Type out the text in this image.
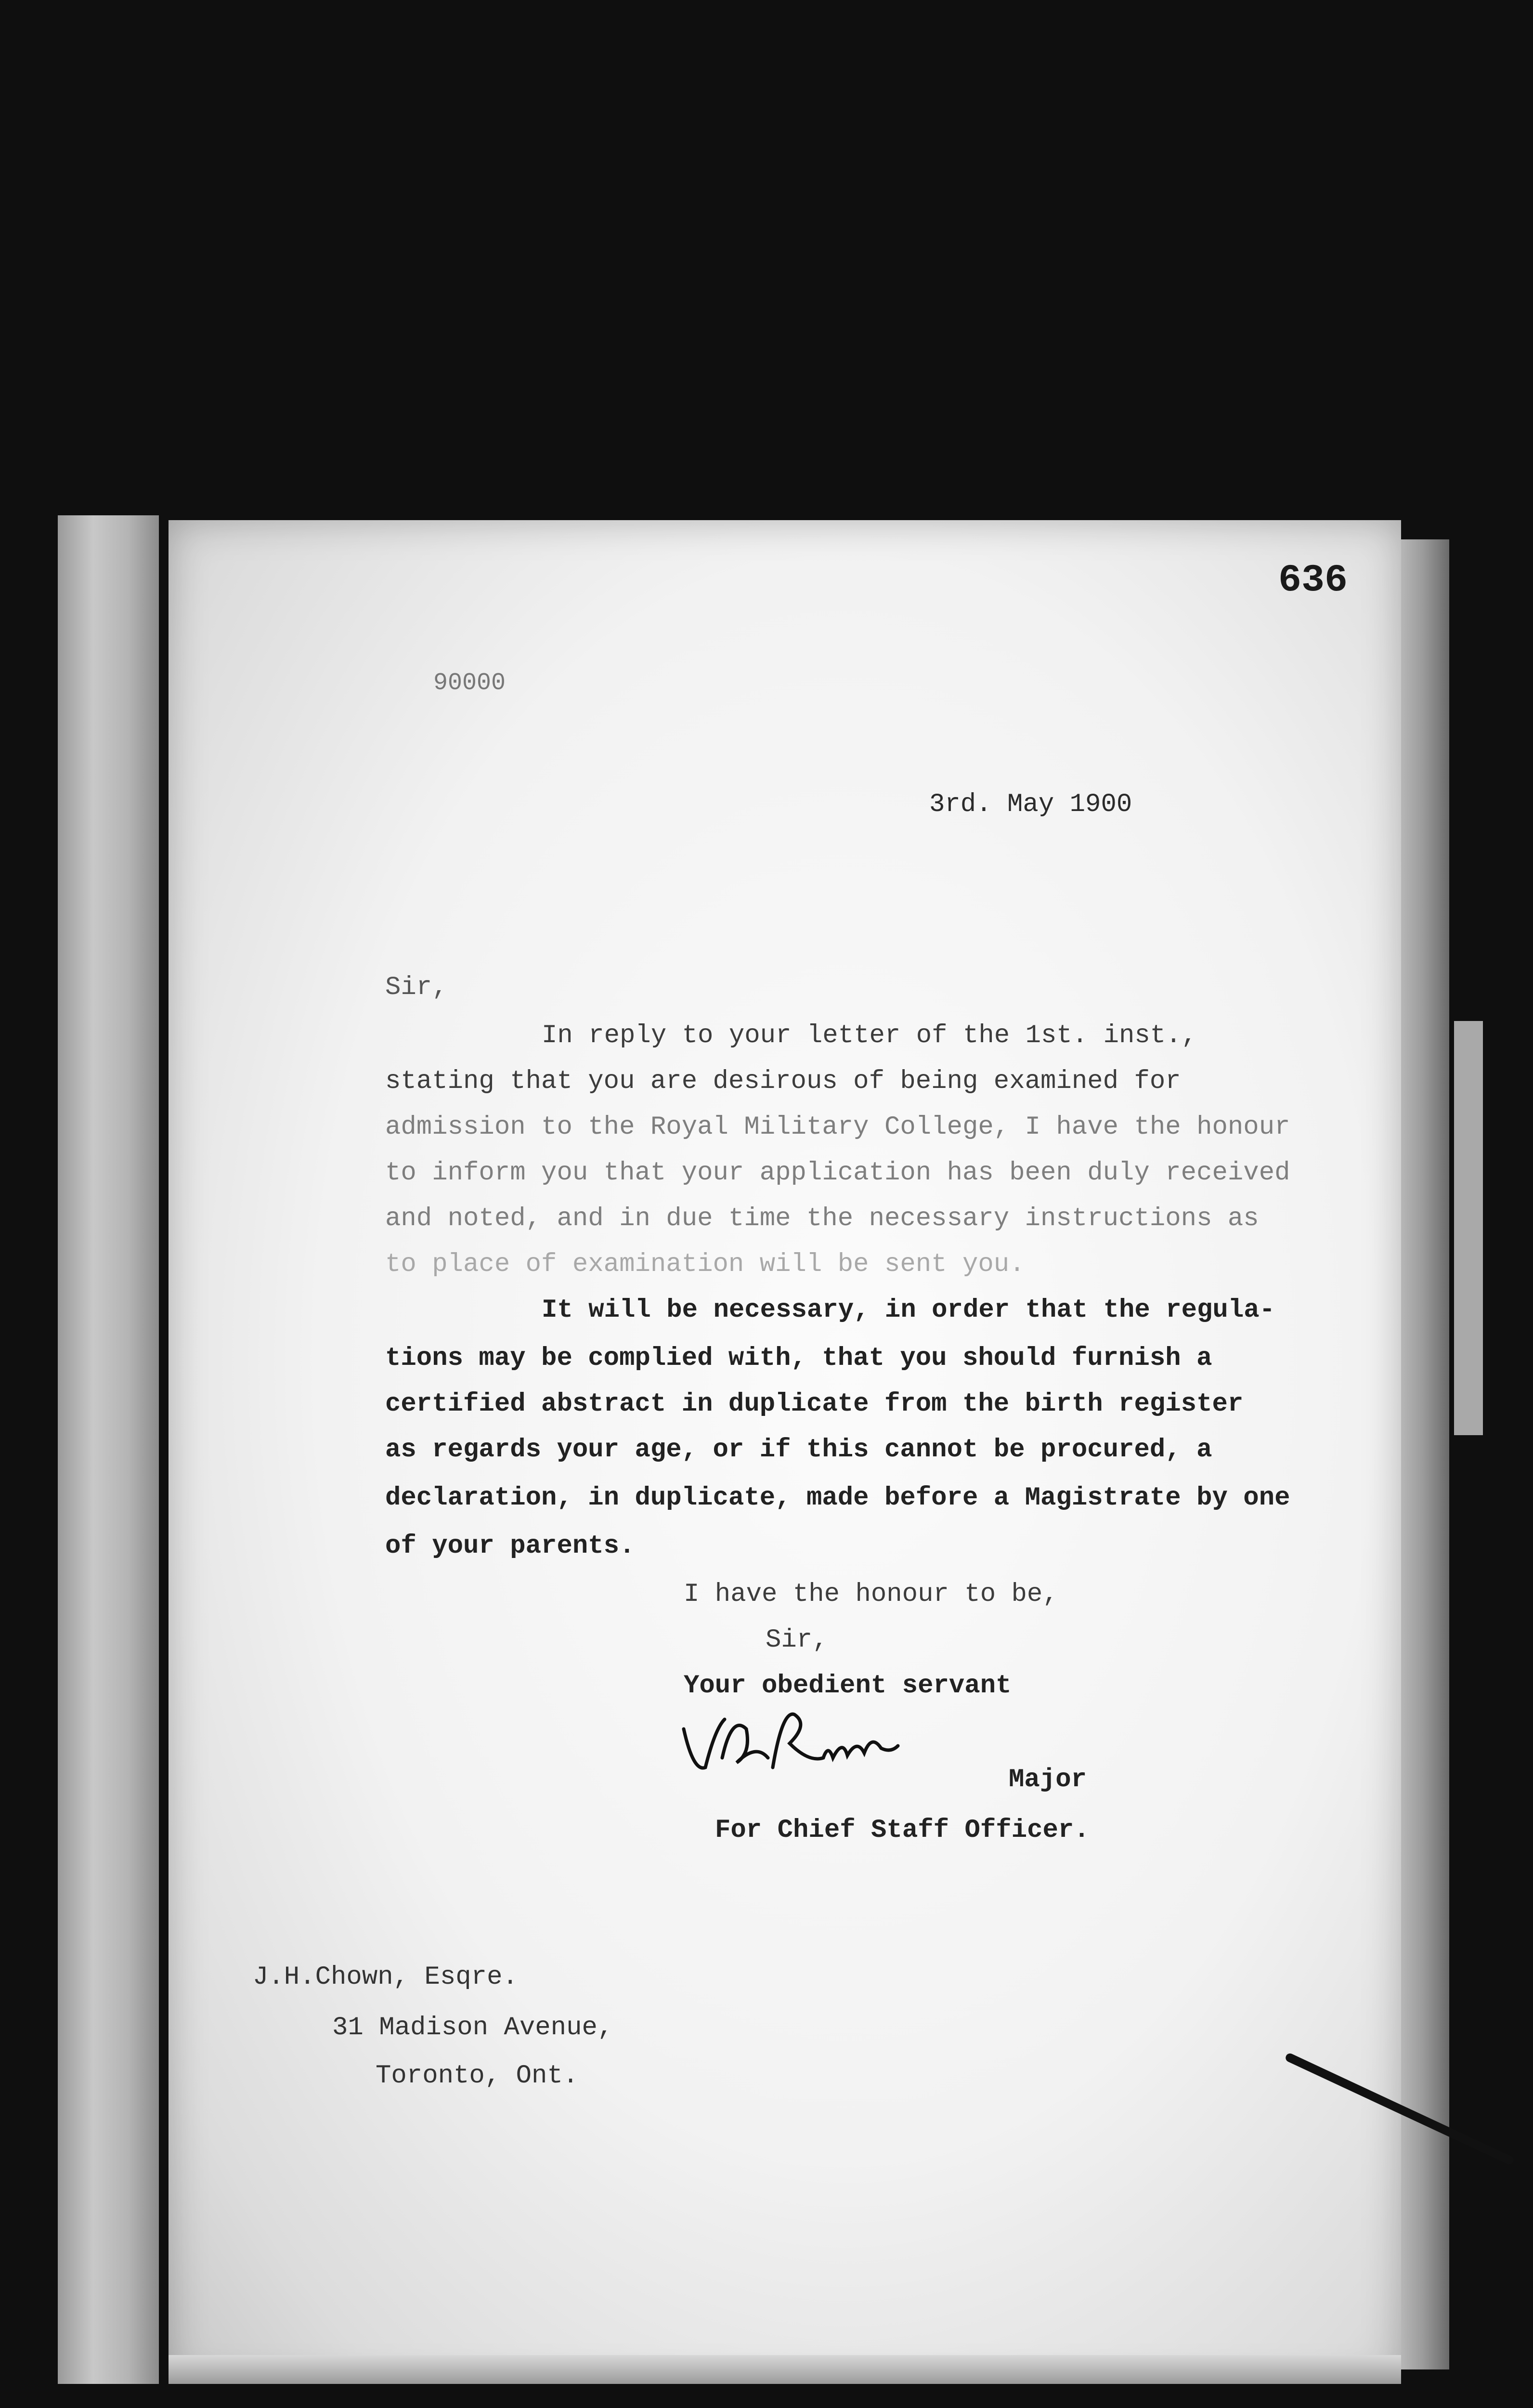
636
90000
3rd. May 1900
Sir,
In reply to your letter of the 1st. inst.,
stating that you are desirous of being examined for
admission to the Royal Military College, I have the honour
to inform you that your application has been duly received
and noted, and in due time the necessary instructions as
to place of examination will be sent you.
It will be necessary, in order that the regula-
tions may be complied with, that you should furnish a
certified abstract in duplicate from the birth register
as regards your age, or if this cannot be procured, a
declaration, in duplicate, made before a Magistrate by one
of your parents.
I have the honour to be,
Sir,
Your obedient servant
Major
For Chief Staff Officer.
J.H.Chown, Esqre.
31 Madison Avenue,
Toronto, Ont.
